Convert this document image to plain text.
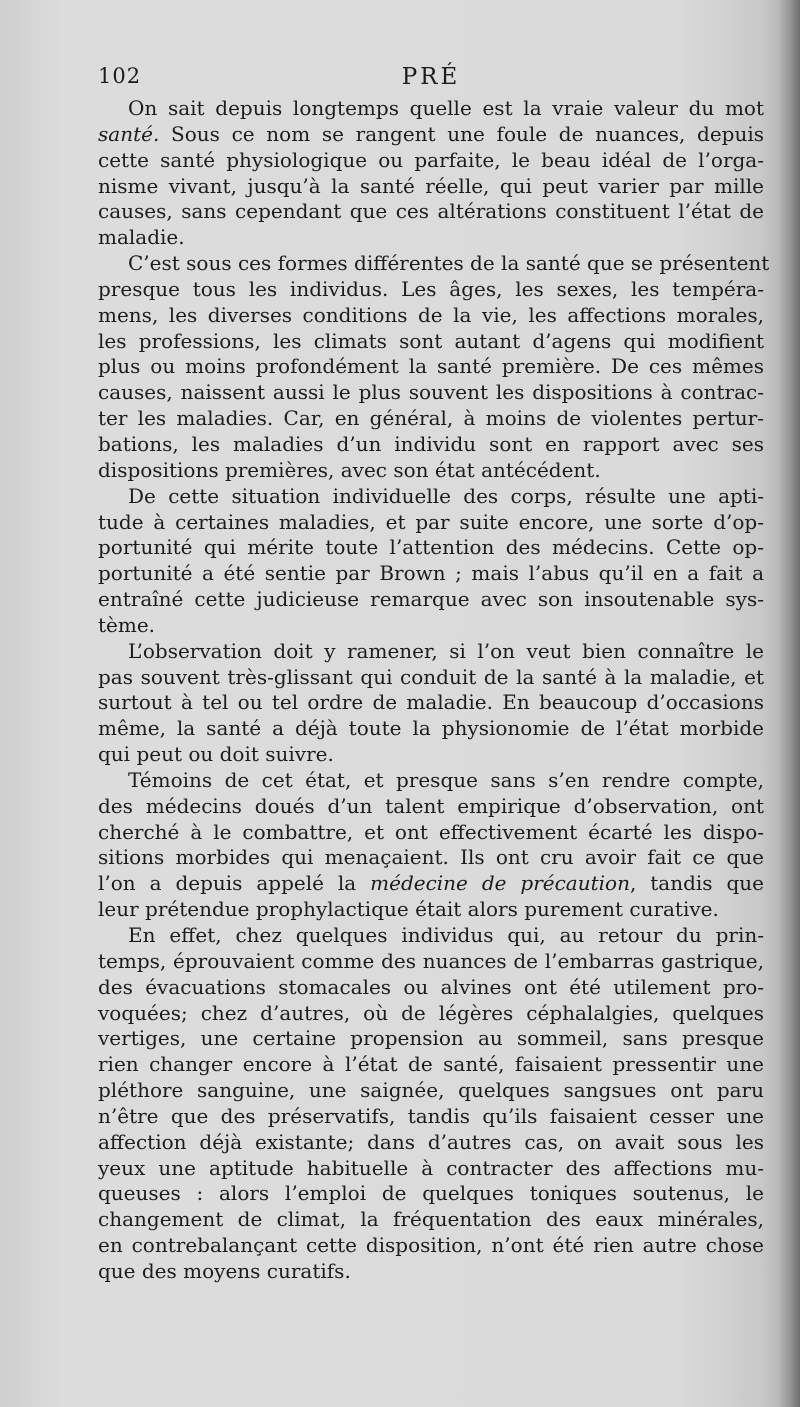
102	PRÉ
On sait depuis longtemps quelle est la vraie valeur du mot
santé. Sous ce nom se rangent une foule de nuances, depuis
cette santé physiologique ou parfaite, le beau idéal de l’orga-
nisme vivant, jusqu’à la santé réelle, qui peut varier par mille
causes, sans cependant que ces altérations constituent l’état de
maladie.
C’est sous ces formes différentes de la santé que se présentent
presque tous les individus. Les âges, les sexes, les tempéra-
mens, les diverses conditions de la vie, les affections morales,
les professions, les climats sont autant d’agens qui modifient
plus ou moins profondément la santé première. De ces mêmes
causes, naissent aussi le plus souvent les dispositions à contrac-
ter les maladies. Car, en général, à moins de violentes pertur-
bations, les maladies d’un individu sont en rapport avec ses
dispositions premières, avec son état antécédent.
De cette situation individuelle des corps, résulte une apti-
tude à certaines maladies, et par suite encore, une sorte d’op-
portunité qui mérite toute l’attention des médecins. Cette op-
portunité a été sentie par Brown ; mais l’abus qu’il en a fait a
entraîné cette judicieuse remarque avec son insoutenable sys-
tème.
L’observation doit y ramener, si l’on veut bien connaître le
pas souvent très-glissant qui conduit de la santé à la maladie, et
surtout à tel ou tel ordre de maladie. En beaucoup d’occasions
même, la santé a déjà toute la physionomie de l’état morbide
qui peut ou doit suivre.
Témoins de cet état, et presque sans s’en rendre compte,
des médecins doués d’un talent empirique d’observation, ont
cherché à le combattre, et ont effectivement écarté les dispo-
sitions morbides qui menaçaient. Ils ont cru avoir fait ce que
l’on a depuis appelé la médecine de précaution, tandis que
leur prétendue prophylactique était alors purement curative.
En effet, chez quelques individus qui, au retour du prin-
temps, éprouvaient comme des nuances de l’embarras gastrique,
des évacuations stomacales ou alvines ont été utilement pro-
voquées; chez d’autres, où de légères céphalalgies, quelques
vertiges, une certaine propension au sommeil, sans presque
rien changer encore à l’état de santé, faisaient pressentir une
pléthore sanguine, une saignée, quelques sangsues ont paru
n’être que des préservatifs, tandis qu’ils faisaient cesser une
affection déjà existante; dans d’autres cas, on avait sous les
yeux une aptitude habituelle à contracter des affections mu-
queuses : alors l’emploi de quelques toniques soutenus, le
changement de climat, la fréquentation des eaux minérales,
en contrebalançant cette disposition, n’ont été rien autre chose
que des moyens curatifs.
